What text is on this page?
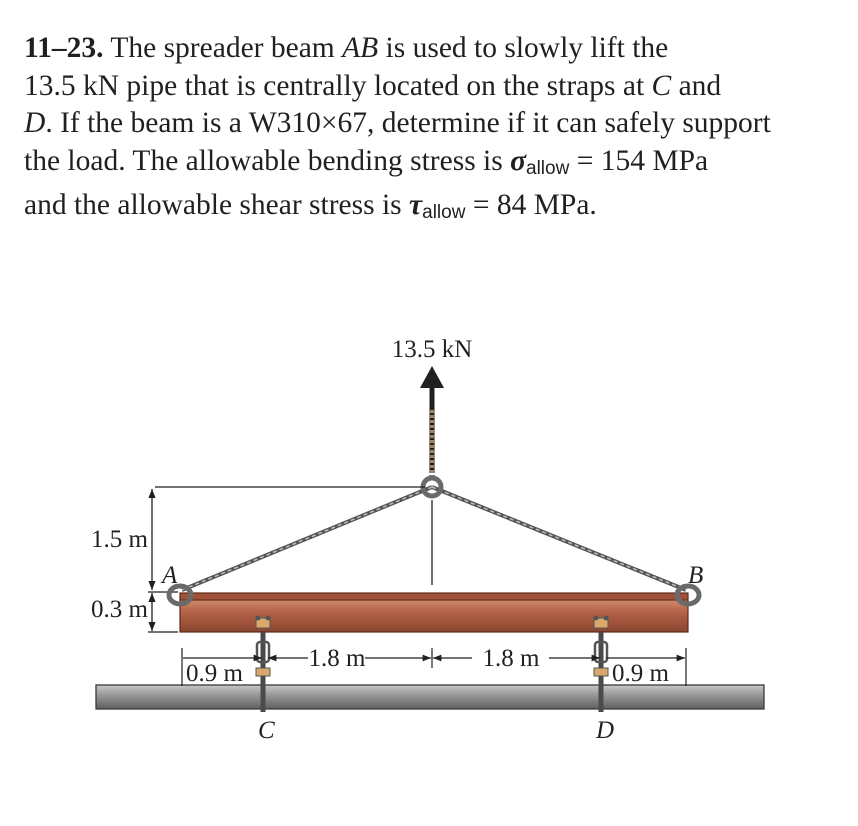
11–23. The spreader beam AB is used to slowly lift the
13.5 kN pipe that is centrally located on the straps at C and
D. If the beam is a W310×67, determine if it can safely support
the load. The allowable bending stress is $\sigma_{allow} = 154$ MPa
and the allowable shear stress is $\tau_{allow} = 84$ MPa.
13.5 kN
1.5 m
0.3 m
A	B
C	D
0.9 m
1.8 m	1.8 m
0.9 m
